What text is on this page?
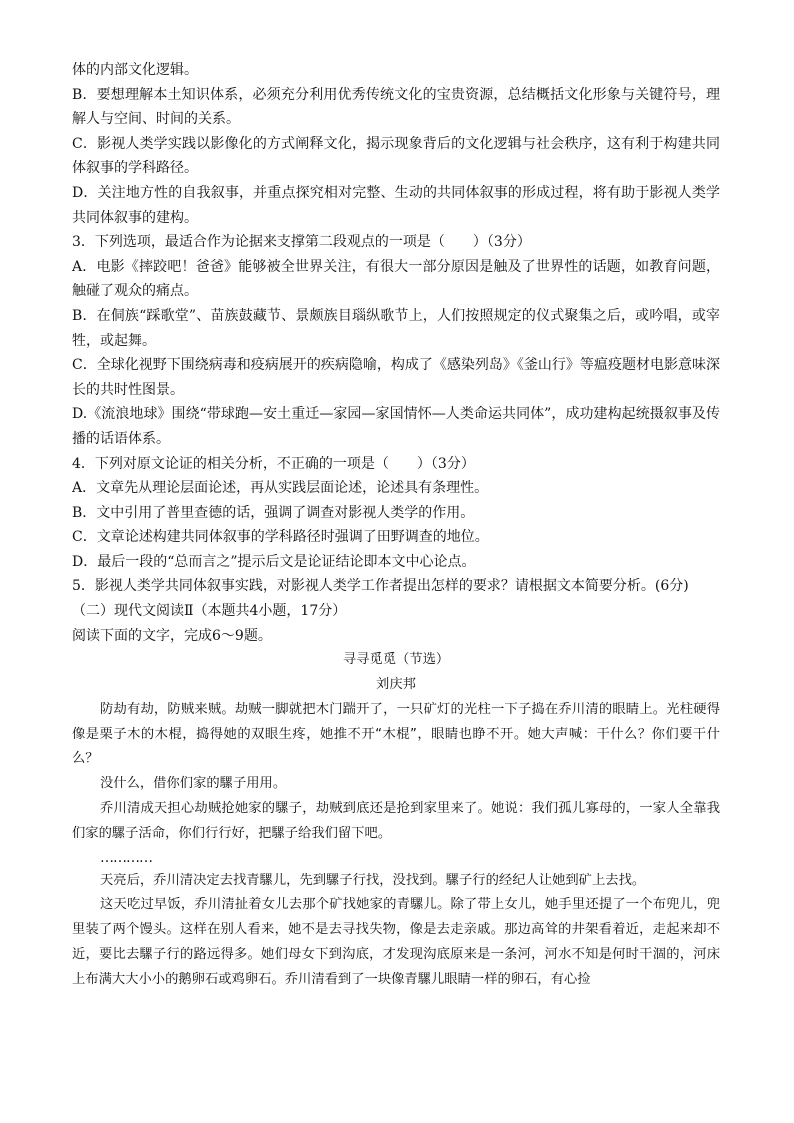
体的内部文化逻辑。
B．要想理解本土知识体系，必须充分利用优秀传统文化的宝贵资源，总结概括文化形象与关键符号，理解人与空间、时间的关系。
C．影视人类学实践以影像化的方式阐释文化，揭示现象背后的文化逻辑与社会秩序，这有利于构建共同体叙事的学科路径。
D．关注地方性的自我叙事，并重点探究相对完整、生动的共同体叙事的形成过程，将有助于影视人类学共同体叙事的建构。
3．下列选项，最适合作为论据来支撑第二段观点的一项是（　　）（3分）
A．电影《摔跤吧！爸爸》能够被全世界关注，有很大一部分原因是触及了世界性的话题，如教育问题，触碰了观众的痛点。
B．在侗族“踩歌堂”、苗族鼓藏节、景颇族目瑙纵歌节上，人们按照规定的仪式聚集之后，或吟唱，或宰牲，或起舞。
C．全球化视野下围绕病毒和疫病展开的疾病隐喻，构成了《感染列岛》《釜山行》等瘟疫题材电影意味深长的共时性图景。
D.《流浪地球》围绕“带球跑—安土重迁—家园—家国情怀—人类命运共同体”，成功建构起统摄叙事及传播的话语体系。
4．下列对原文论证的相关分析，不正确的一项是（　　）（3分）
A．文章先从理论层面论述，再从实践层面论述，论述具有条理性。
B．文中引用了普里查德的话，强调了调查对影视人类学的作用。
C．文章论述构建共同体叙事的学科路径时强调了田野调查的地位。
D．最后一段的“总而言之”提示后文是论证结论即本文中心论点。
5．影视人类学共同体叙事实践，对影视人类学工作者提出怎样的要求？请根据文本简要分析。(6分)
（二）现代文阅读Ⅱ（本题共4小题，17分）
阅读下面的文字，完成6～9题。
寻寻觅觅（节选）
刘庆邦
防劫有劫，防贼来贼。劫贼一脚就把木门踹开了，一只矿灯的光柱一下子捣在乔川清的眼睛上。光柱硬得像是栗子木的木棍，捣得她的双眼生疼，她推不开“木棍”，眼睛也睁不开。她大声喊：干什么？你们要干什么？
没什么，借你们家的騾子用用。
乔川清成天担心劫贼抢她家的騾子，劫贼到底还是抢到家里来了。她说：我们孤儿寡母的，一家人全靠我们家的騾子活命，你们行行好，把騾子给我们留下吧。
…………
天亮后，乔川清决定去找青騾儿，先到騾子行找，没找到。騾子行的经纪人让她到矿上去找。
这天吃过早饭，乔川清扯着女儿去那个矿找她家的青騾儿。除了带上女儿，她手里还提了一个布兜儿，兜里装了两个馒头。这样在别人看来，她不是去寻找失物，像是去走亲戚。那边高耸的井架看着近，走起来却不近，要比去騾子行的路远得多。她们母女下到沟底，才发现沟底原来是一条河，河水不知是何时干涸的，河床上布满大大小小的鹅卵石或鸡卵石。乔川清看到了一块像青騾儿眼睛一样的卵石，有心捡
